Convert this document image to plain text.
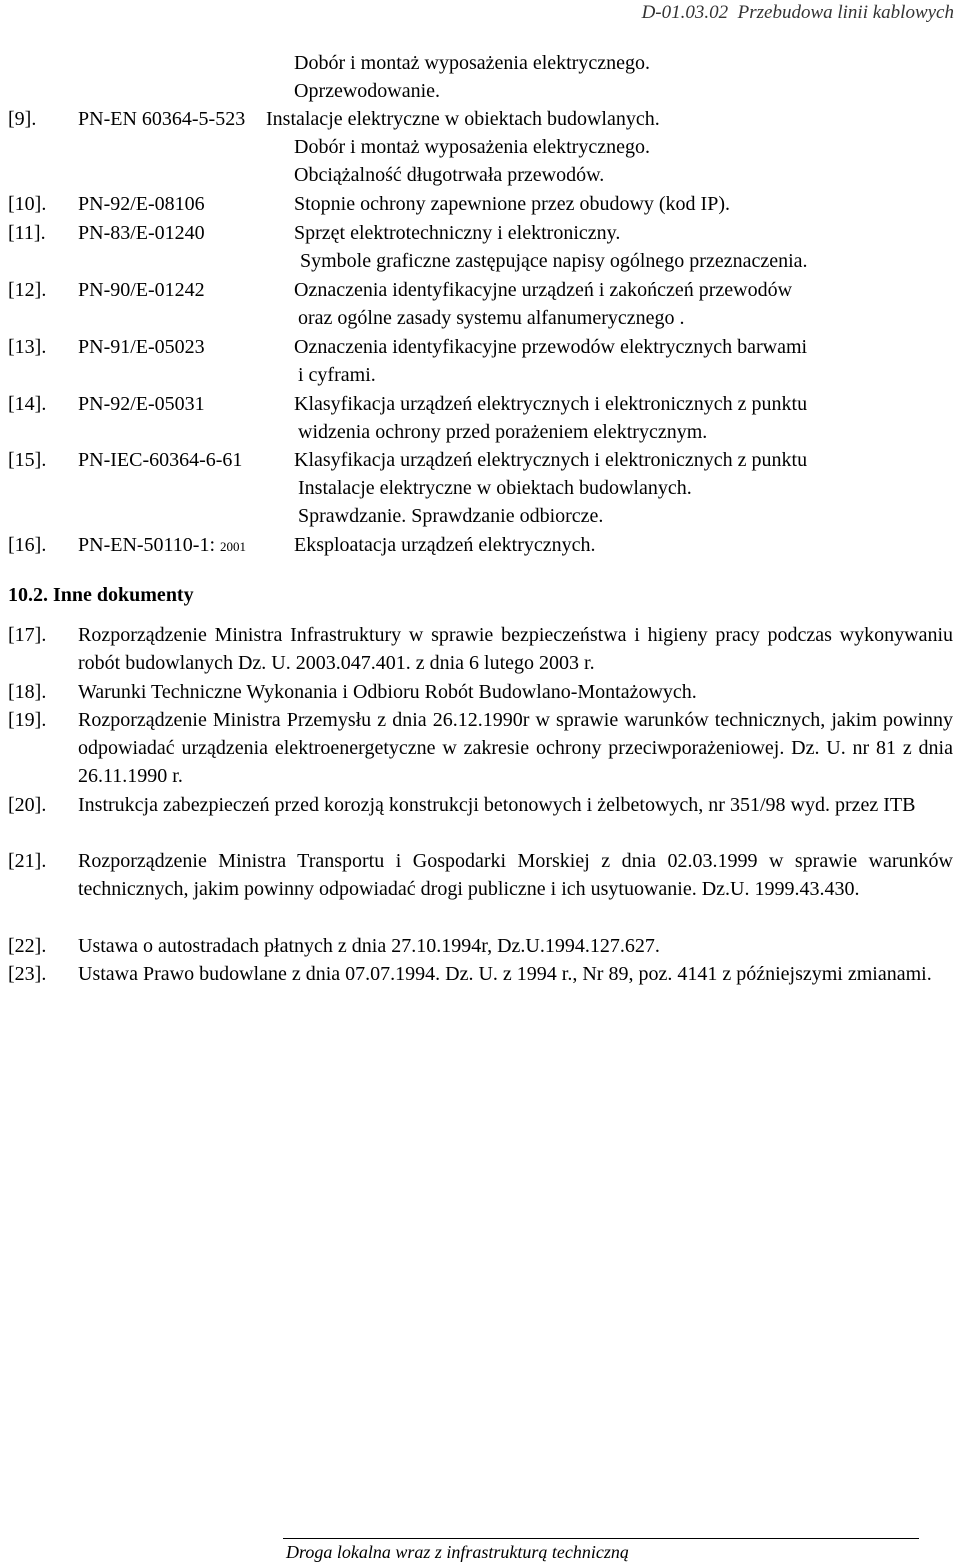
D-01.03.02 Przebudowa linii kablowych
Dobór i montaż wyposażenia elektrycznego.
Oprzewodowanie.
[9]. PN-EN 60364-5-523 Instalacje elektryczne w obiektach budowlanych.
Dobór i montaż wyposażenia elektrycznego.
Obciążalność długotrwała przewodów.
[10]. PN-92/E-08106	Stopnie ochrony zapewnione przez obudowy (kod IP).
[11]. PN-83/E-01240	Sprzęt elektrotechniczny i elektroniczny.
Symbole graficzne zastępujące napisy ogólnego przeznaczenia.
[12]. PN-90/E-01242	Oznaczenia identyfikacyjne urządzeń i zakończeń przewodów
oraz ogólne zasady systemu alfanumerycznego .
[13]. PN-91/E-05023	Oznaczenia identyfikacyjne przewodów elektrycznych barwami
i cyframi.
[14]. PN-92/E-05031	Klasyfikacja urządzeń elektrycznych i elektronicznych z punktu
widzenia ochrony przed porażeniem elektrycznym.
[15]. PN-IEC-60364-6-61	Klasyfikacja urządzeń elektrycznych i elektronicznych z punktu
Instalacje elektryczne w obiektach budowlanych.
Sprawdzanie. Sprawdzanie odbiorcze.
[16]. PN-EN-50110-1: 2001 Eksploatacja urządzeń elektrycznych.
10.2. Inne dokumenty
[17]. Rozporządzenie Ministra Infrastruktury w sprawie bezpieczeństwa i higieny pracy podczas wykonywaniu robót budowlanych Dz. U. 2003.047.401. z dnia 6 lutego 2003 r.
[18]. Warunki Techniczne Wykonania i Odbioru Robót Budowlano-Montażowych.
[19]. Rozporządzenie Ministra Przemysłu z dnia 26.12.1990r w sprawie warunków technicznych, jakim powinny odpowiadać urządzenia elektroenergetyczne w zakresie ochrony przeciwporażeniowej. Dz. U. nr 81 z dnia 26.11.1990 r.
[20]. Instrukcja zabezpieczeń przed korozją konstrukcji betonowych i żelbetowych, nr 351/98 wyd. przez ITB
[21]. Rozporządzenie Ministra Transportu i Gospodarki Morskiej z dnia 02.03.1999 w sprawie warunków technicznych, jakim powinny odpowiadać drogi publiczne i ich usytuowanie. Dz.U. 1999.43.430.
[22]. Ustawa o autostradach płatnych z dnia 27.10.1994r, Dz.U.1994.127.627.
[23]. Ustawa Prawo budowlane z dnia 07.07.1994. Dz. U. z 1994 r., Nr 89, poz. 4141 z późniejszymi zmianami.
Droga lokalna wraz z infrastrukturą techniczną
